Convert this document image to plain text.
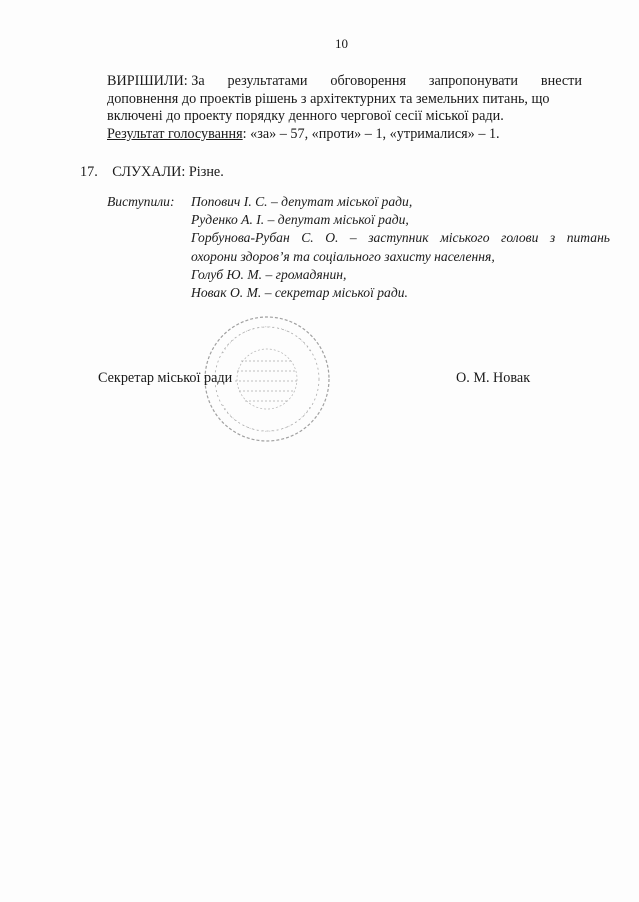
10
ВИРІШИЛИ: За результатами обговорення запропонувати внести
доповнення до проектів рішень з архітектурних та земельних питань, що
включені до проекту порядку денного чергової сесії міської ради.
Результат голосування: «за» – 57, «проти» – 1, «утрималися» – 1.
17. СЛУХАЛИ: Різне.
Виступили:	Попович І. С. – депутат міської ради,
Руденко А. І. – депутат міської ради,
Горбунова-Рубан С. О. – заступник міського голови з питань
охорони здоров’я та соціального захисту населення,
Голуб Ю. М. – громадянин,
Новак О. М. – секретар міської ради.
Секретар міської ради	О. М. Новак
